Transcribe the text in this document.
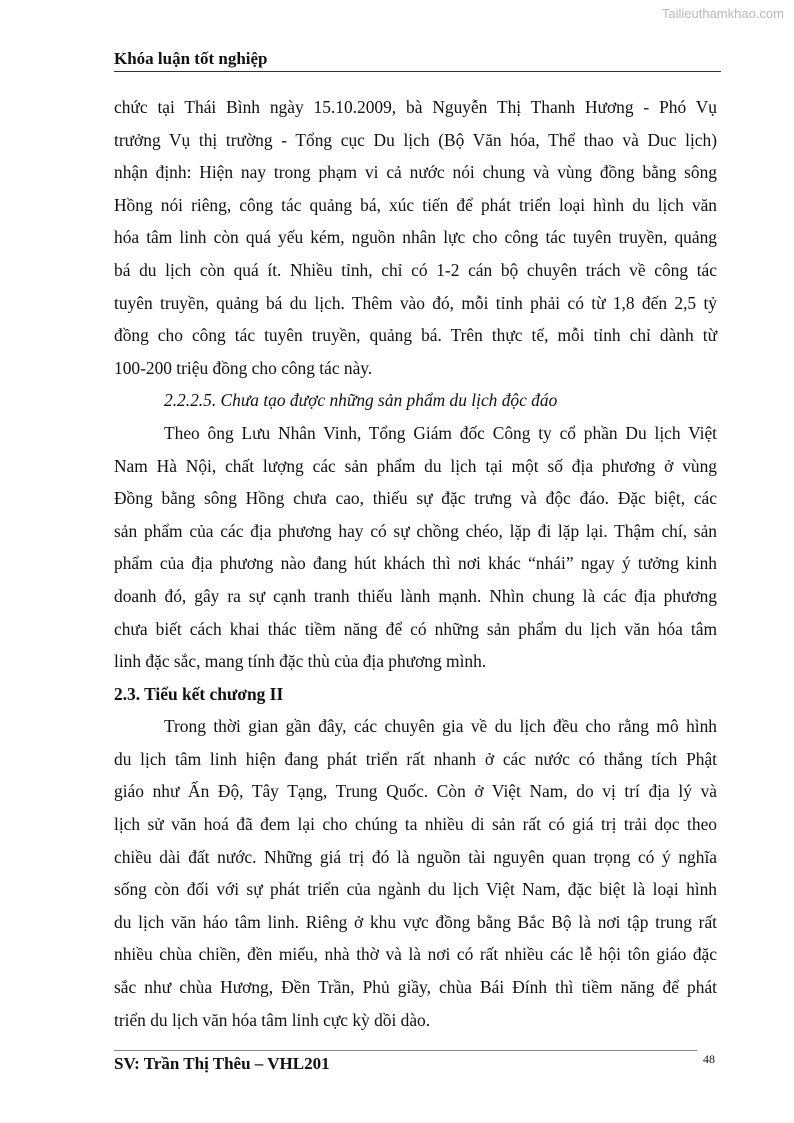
Tailieuthamkhao.com
Khóa luận tốt nghiệp
chức tại Thái Bình ngày 15.10.2009, bà Nguyễn Thị Thanh Hương - Phó Vụ
trưởng Vụ thị trường - Tổng cục Du lịch (Bộ Văn hóa, Thể thao và Duc lịch)
nhận định: Hiện nay trong phạm vi cả nước nói chung và vùng đồng bằng sông
Hồng nói riêng, công tác quảng bá, xúc tiến để phát triển loại hình du lịch văn
hóa tâm linh còn quá yếu kém, nguồn nhân lực cho công tác tuyên truyền, quảng
bá du lịch còn quá ít. Nhiều tỉnh, chỉ có 1-2 cán bộ chuyên trách về công tác
tuyên truyền, quảng bá du lịch. Thêm vào đó, mỗi tỉnh phải có từ 1,8 đến 2,5 tỷ
đồng cho công tác tuyên truyền, quảng bá. Trên thực tế, mỗi tỉnh chỉ dành từ
100-200 triệu đồng cho công tác này.
2.2.2.5. Chưa tạo được những sản phẩm du lịch độc đáo
Theo ông Lưu Nhân Vinh, Tổng Giám đốc Công ty cổ phần Du lịch Việt
Nam Hà Nội, chất lượng các sản phẩm du lịch tại một số địa phương ở vùng
Đồng bằng sông Hồng chưa cao, thiếu sự đặc trưng và độc đáo. Đặc biệt, các
sản phẩm của các địa phương hay có sự chồng chéo, lặp đi lặp lại. Thậm chí, sản
phẩm của địa phương nào đang hút khách thì nơi khác “nhái” ngay ý tưởng kinh
doanh đó, gây ra sự cạnh tranh thiếu lành mạnh. Nhìn chung là các địa phương
chưa biết cách khai thác tiềm năng để có những sản phẩm du lịch văn hóa tâm
linh đặc sắc, mang tính đặc thù của địa phương mình.
2.3. Tiểu kết chương II
Trong thời gian gần đây, các chuyên gia về du lịch đều cho rằng mô hình
du lịch tâm linh hiện đang phát triển rất nhanh ở các nước có thắng tích Phật
giáo như Ấn Độ, Tây Tạng, Trung Quốc. Còn ở Việt Nam, do vị trí địa lý và
lịch sử văn hoá đã đem lại cho chúng ta nhiều di sản rất có giá trị trải dọc theo
chiều dài đất nước. Những giá trị đó là nguồn tài nguyên quan trọng có ý nghĩa
sống còn đối với sự phát triển của ngành du lịch Việt Nam, đặc biệt là loại hình
du lịch văn háo tâm linh. Riêng ở khu vực đồng bằng Bắc Bộ là nơi tập trung rất
nhiều chùa chiền, đền miếu, nhà thờ và là nơi có rất nhiều các lễ hội tôn giáo đặc
sắc như chùa Hương, Đền Trần, Phủ giầy, chùa Bái Đính thì tiềm năng để phát
triển du lịch văn hóa tâm linh cực kỳ dồi dào.
SV: Trần Thị Thêu – VHL201	48
